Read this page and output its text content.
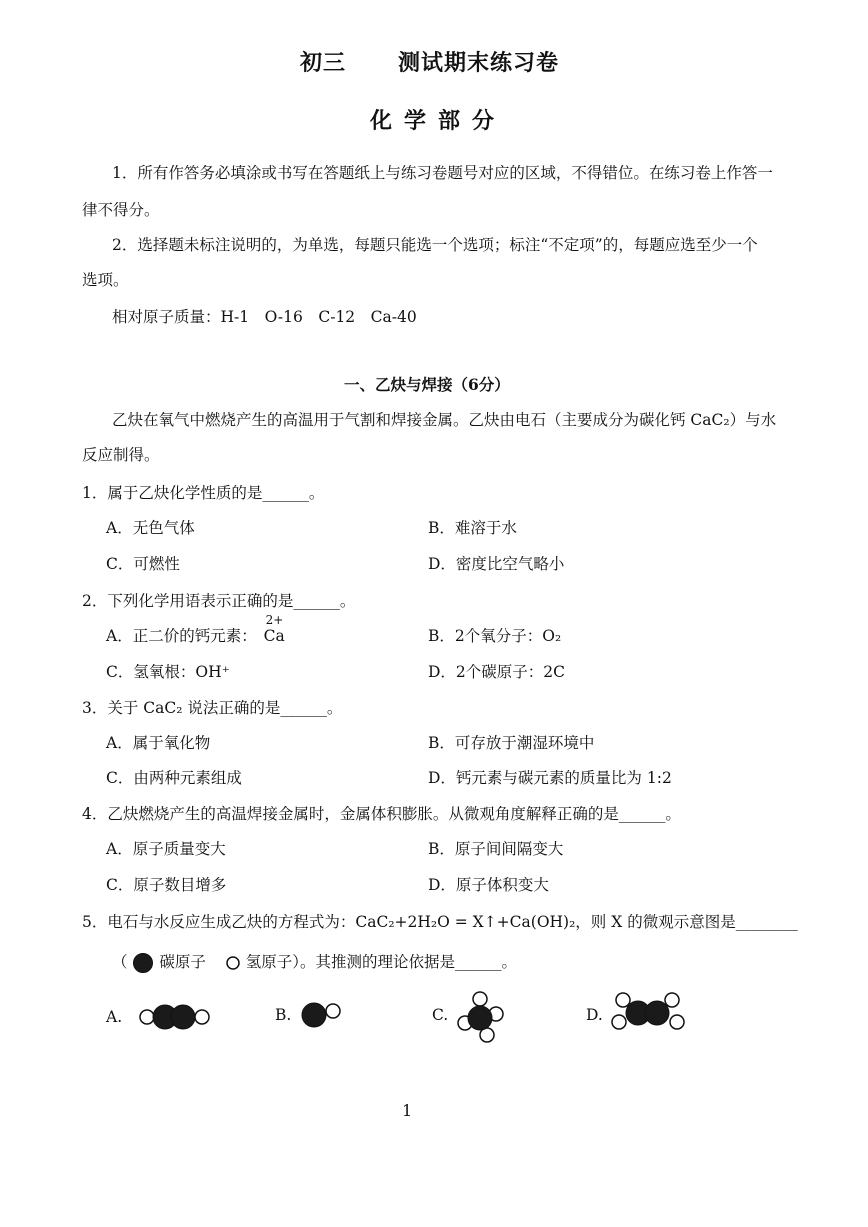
初三 测试期末练习卷
化学部分
1．所有作答务必填涂或书写在答题纸上与练习卷题号对应的区域，不得错位。在练习卷上作答一
律不得分。
2．选择题未标注说明的，为单选，每题只能选一个选项；标注“不定项”的，每题应选至少一个
选项。
相对原子质量：H-1　O-16　C-12　Ca-40
一、乙炔与焊接（6分）
乙炔在氧气中燃烧产生的高温用于气割和焊接金属。乙炔由电石（主要成分为碳化钙 CaC₂）与水
反应制得。
1．属于乙炔化学性质的是______。
A．无色气体	B．难溶于水
C．可燃性	D．密度比空气略小
2．下列化学用语表示正确的是______。
A．正二价的钙元素：
2+
Ca	B．2个氧分子：O₂
C．氢氧根：OH⁺	D．2个碳原子：2C
3．关于 CaC₂ 说法正确的是______。
A．属于氧化物	B．可存放于潮湿环境中
C．由两种元素组成	D．钙元素与碳元素的质量比为 1:2
4．乙炔燃烧产生的高温焊接金属时，金属体积膨胀。从微观角度解释正确的是______。
A．原子质量变大	B．原子间间隔变大
C．原子数目增多	D．原子体积变大
5．电石与水反应生成乙炔的方程式为：CaC₂+2H₂O = X↑+Ca(OH)₂，则 X 的微观示意图是________
（ 碳原子	氢原子）。其推测的理论依据是______。
A.	B.	C.	D.
1
